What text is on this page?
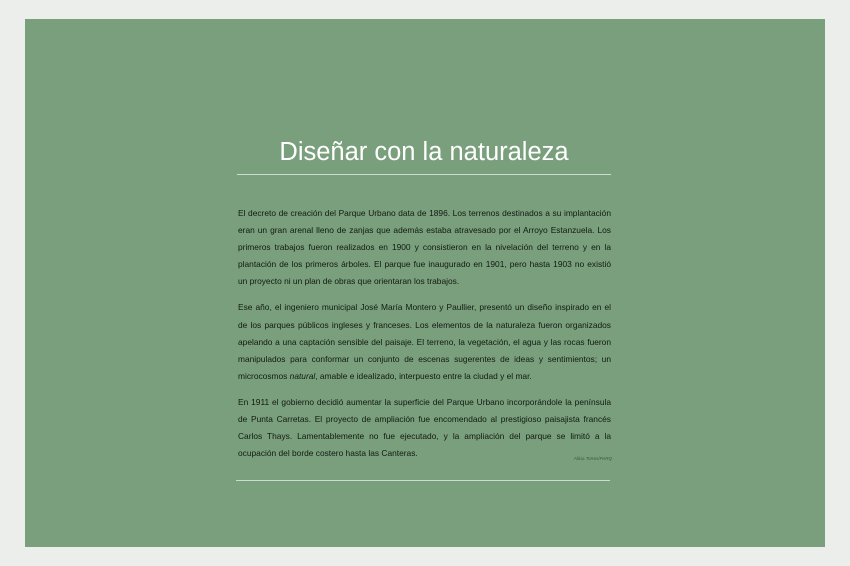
Diseñar con la naturaleza

El decreto de creación del Parque Urbano data de 1896. Los terrenos destinados a su implantación eran un gran arenal lleno de zanjas que además estaba atravesado por el Arroyo Estanzuela. Los primeros trabajos fueron realizados en 1900 y consistieron en la nivelación del terreno y en la plantación de los primeros árboles. El parque fue inaugurado en 1901, pero hasta 1903 no existió un proyecto ni un plan de obras que orientaran los trabajos.

Ese año, el ingeniero municipal José María Montero y Paullier, presentó un diseño inspirado en el de los parques públicos ingleses y franceses. Los elementos de la naturaleza fueron organizados apelando a una captación sensible del paisaje. El terreno, la vegetación, el agua y las rocas fueron manipulados para conformar un conjunto de escenas sugerentes de ideas y sentimientos; un microcosmos natural, amable e idealizado, interpuesto entre la ciudad y el mar.

En 1911 el gobierno decidió aumentar la superficie del Parque Urbano incorporándole la península de Punta Carretas. El proyecto de ampliación fue encomendado al prestigioso paisajista francés Carlos Thays. Lamentablemente no fue ejecutado, y la ampliación del parque se limitó a la ocupación del borde costero hasta las Canteras.

Alicia Torres/PARQ
